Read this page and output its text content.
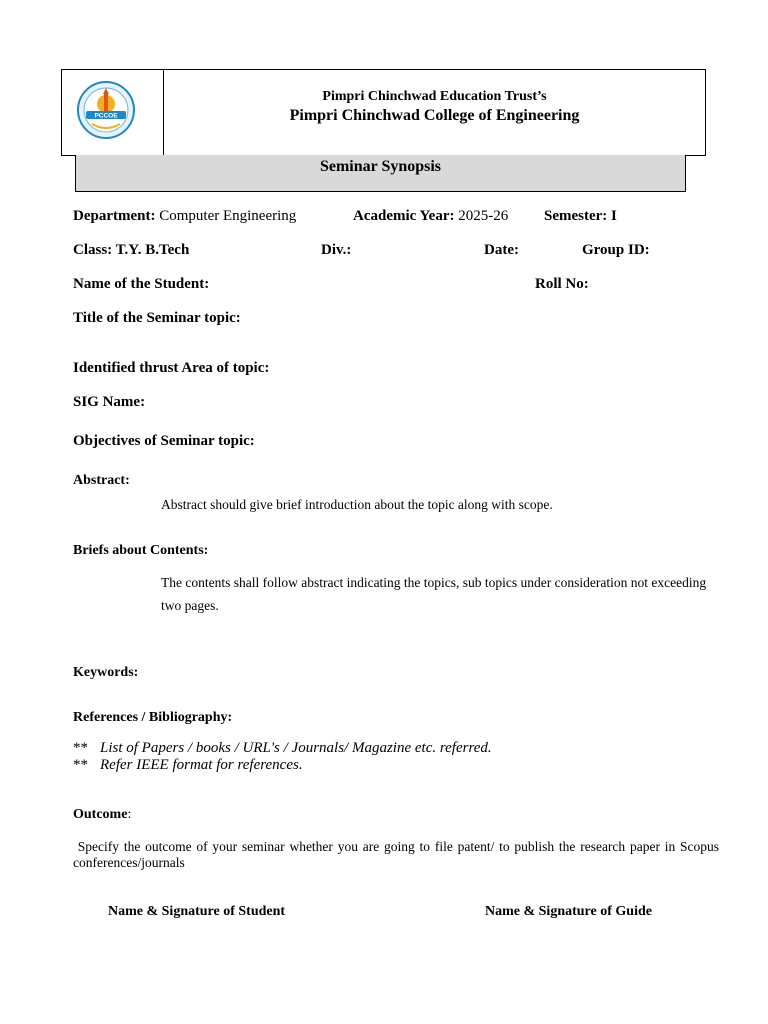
PCCOE
Pimpri Chinchwad Education Trust’s
Pimpri Chinchwad College of Engineering
Seminar Synopsis
Department: Computer Engineering	Academic Year: 2025-26 Semester: I
Class: T.Y. B.Tech	Div.:	Date:	Group ID:
Name of the Student:	Roll No:
Title of the Seminar topic:
Identified thrust Area of topic:
SIG Name:
Objectives of Seminar topic:
Abstract:
Abstract should give brief introduction about the topic along with scope.
Briefs about Contents:
The contents shall follow abstract indicating the topics, sub topics under consideration not exceeding two pages.
Keywords:
References / Bibliography:
** List of Papers / books / URL's / Journals/ Magazine etc. referred.
** Refer IEEE format for references.
Outcome:
Specify the outcome of your seminar whether you are going to file patent/ to publish the research paper in Scopus conferences/journals
Name & Signature of Student	Name & Signature of Guide
